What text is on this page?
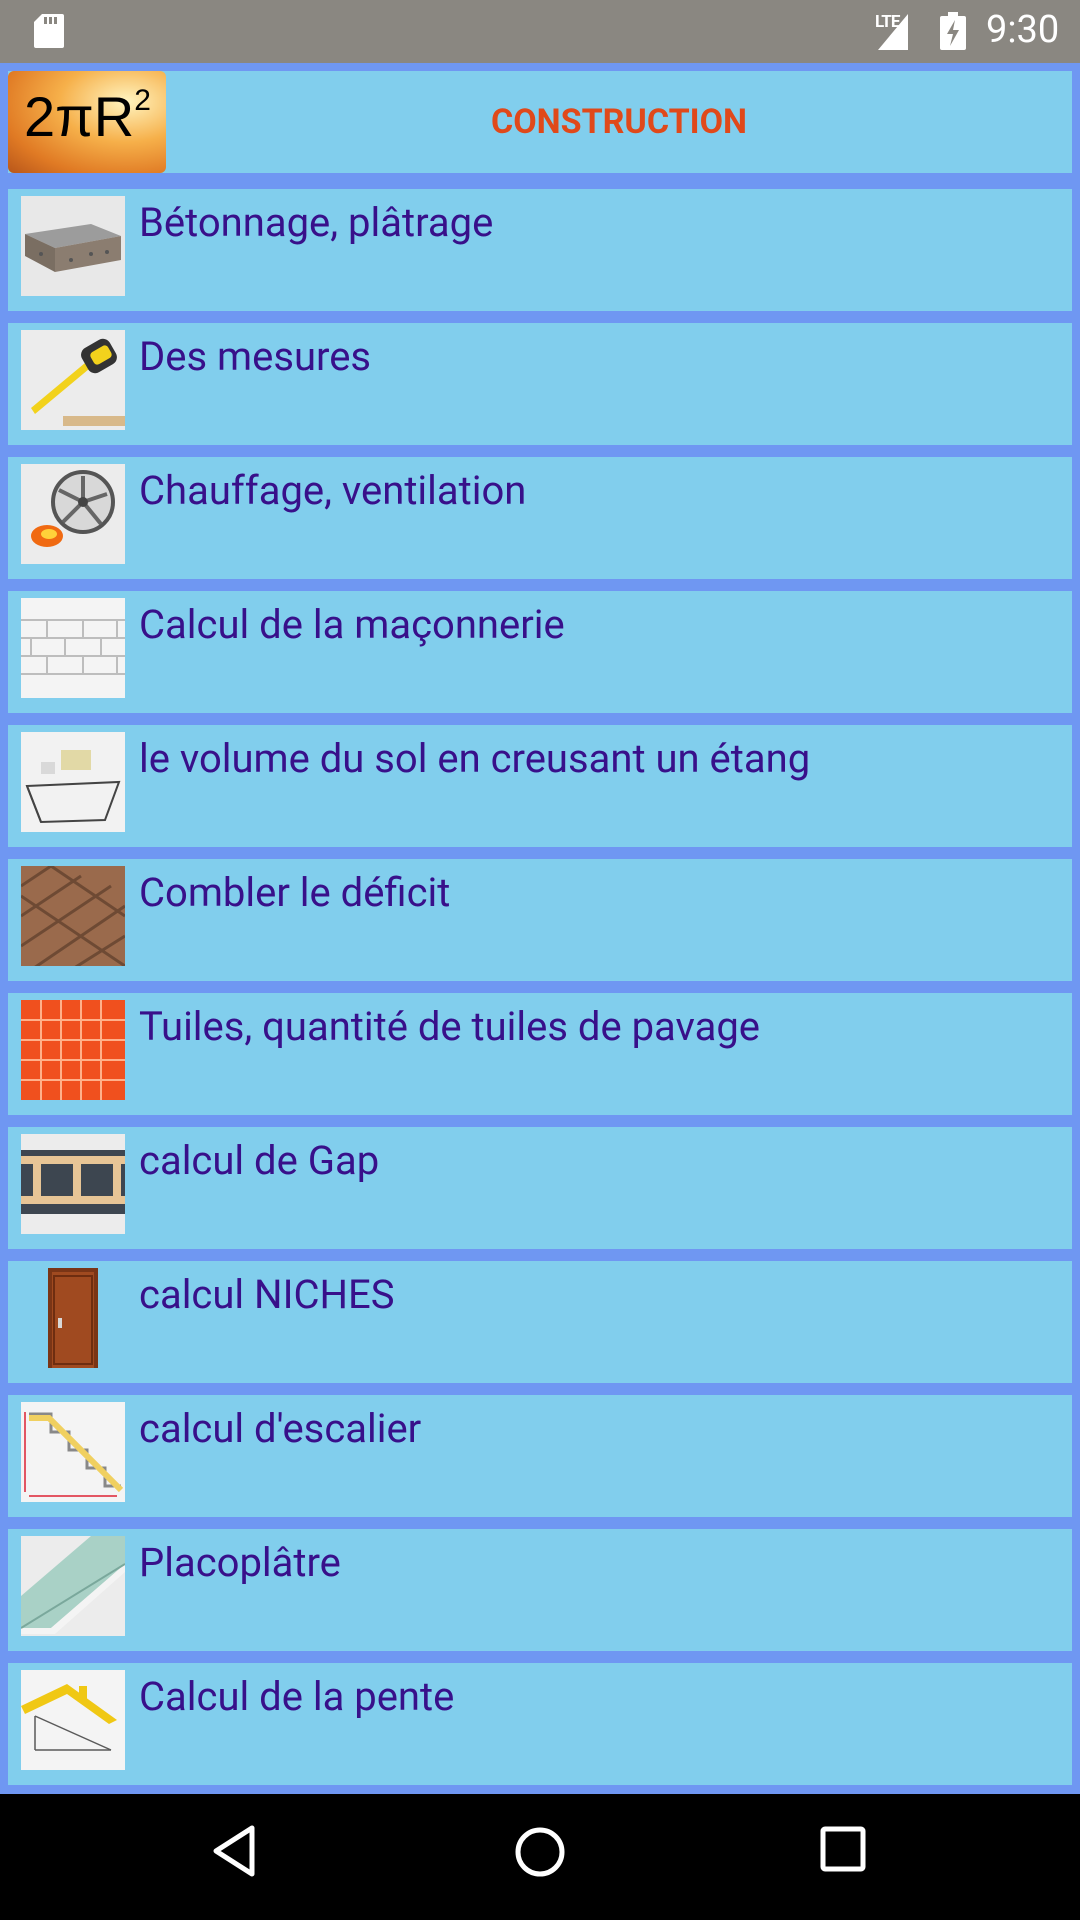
LTE 9:30
$2\pi R^2$
CONSTRUCTION
Bétonnage, plâtrage
Des mesures
Chauffage, ventilation
Calcul de la maçonnerie
le volume du sol en creusant un étang
Combler le déficit
Tuiles, quantité de tuiles de pavage
calcul de Gap
calcul NICHES
calcul d'escalier
Placoplâtre
Calcul de la pente
